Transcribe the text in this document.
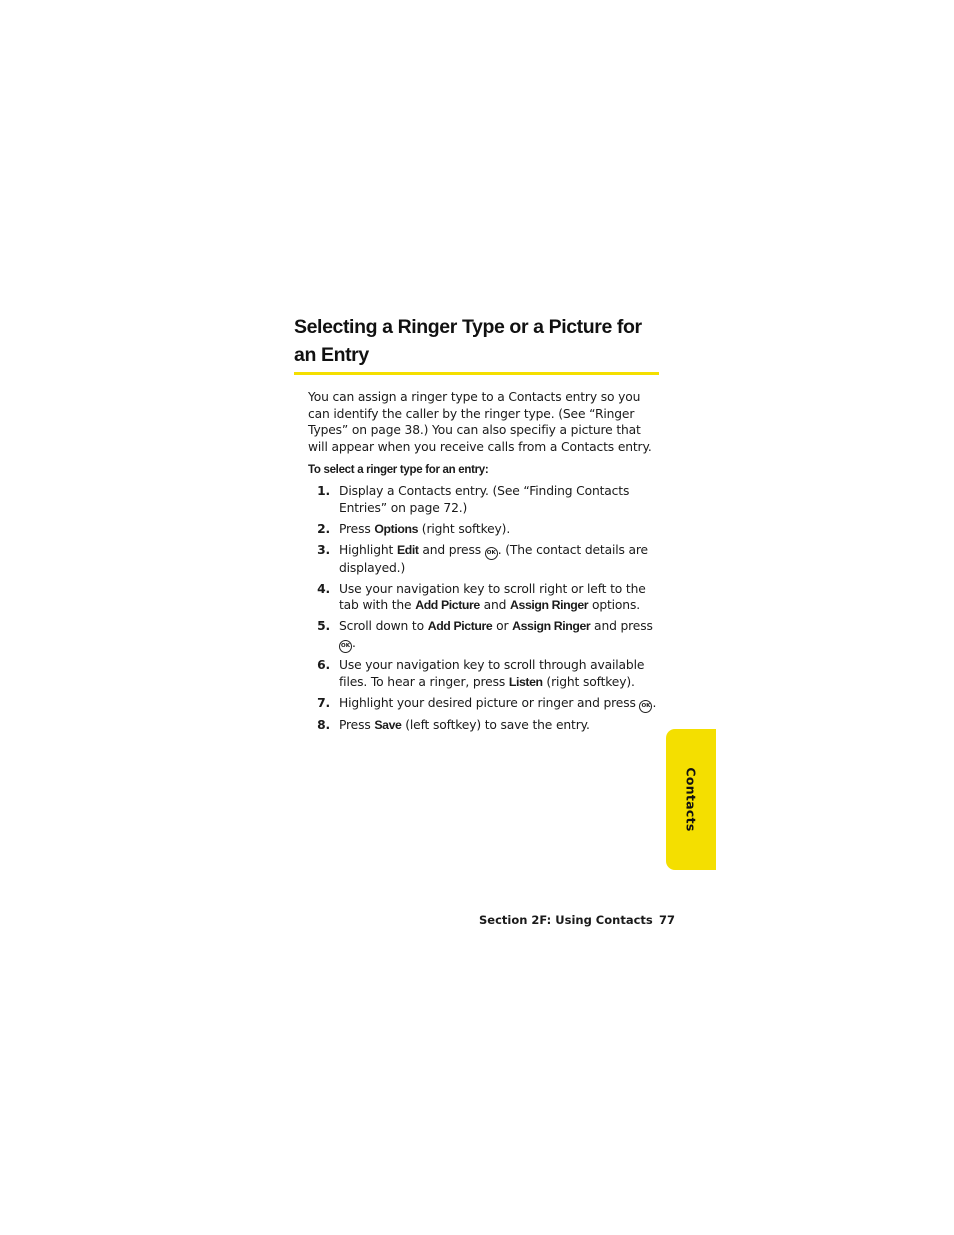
Selecting a Ringer Type or a Picture for an Entry

You can assign a ringer type to a Contacts entry so you can identify the caller by the ringer type. (See “Ringer Types” on page 38.) You can also specifiy a picture that will appear when you receive calls from a Contacts entry.

To select a ringer type for an entry:

1. Display a Contacts entry. (See “Finding Contacts Entries” on page 72.)
2. Press Options (right softkey).
3. Highlight Edit and press OK . (The contact details are displayed.)
4. Use your navigation key to scroll right or left to the tab with the Add Picture and Assign Ringer options.
5. Scroll down to Add Picture or Assign Ringer and press OK .
6. Use your navigation key to scroll through available files. To hear a ringer, press Listen (right softkey).
7. Highlight your desired picture or ringer and press OK .
8. Press Save (left softkey) to save the entry.
Contacts
Section 2F: Using Contacts 77
